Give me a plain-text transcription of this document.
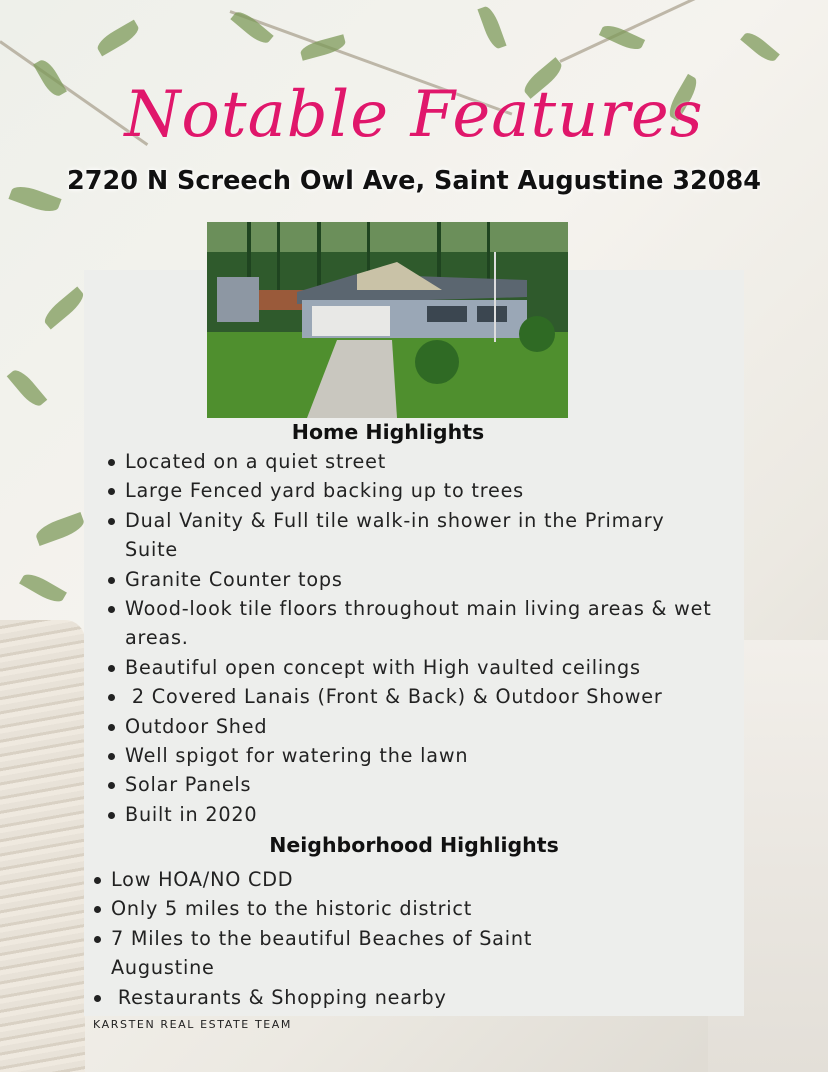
Notable Features
2720 N Screech Owl Ave, Saint Augustine 32084
Home Highlights
Located on a quiet street
Large Fenced yard backing up to trees
Dual Vanity & Full tile walk-in shower in the Primary Suite
Granite Counter tops
Wood-look tile floors throughout main living areas & wet areas.
Beautiful open concept with High vaulted ceilings
2 Covered Lanais (Front & Back) & Outdoor Shower
Outdoor Shed
Well spigot for watering the lawn
Solar Panels
Built in 2020
Neighborhood Highlights
Low HOA/NO CDD
Only 5 miles to the historic district
7 Miles to the beautiful Beaches of Saint Augustine
Restaurants & Shopping nearby
KARSTEN REAL ESTATE TEAM
